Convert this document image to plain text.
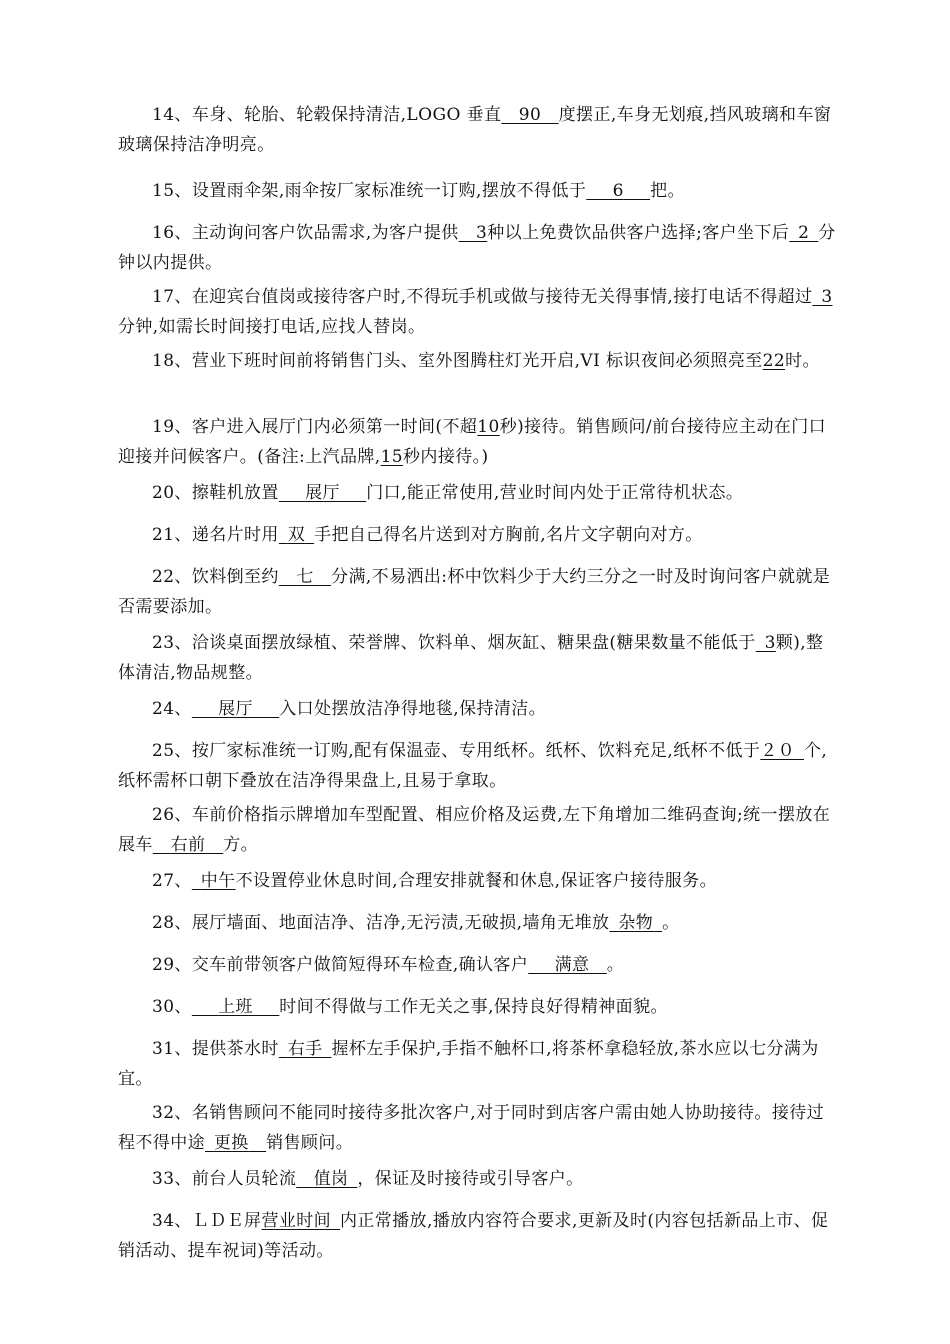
14、车身、轮胎、轮毂保持清洁,LOGO 垂直  90  度摆正,车身无划痕,挡风玻璃和车窗玻璃保持洁净明亮。

15、设置雨伞架,雨伞按厂家标准统一订购,摆放不得低于   6   把。

16、主动询问客户饮品需求,为客户提供  3种以上免费饮品供客户选择;客户坐下后  2  分钟以内提供。

17、在迎宾台值岗或接待客户时,不得玩手机或做与接待无关得事情,接打电话不得超过  3分钟,如需长时间接打电话,应找人替岗。

18、营业下班时间前将销售门头、室外图腾柱灯光开启,VI 标识夜间必须照亮至22时。

19、客户进入展厅门内必须第一时间(不超10秒)接待。销售顾问/前台接待应主动在门口迎接并问候客户。(备注:上汽品牌,15秒内接待。)

20、擦鞋机放置   展厅   门口,能正常使用,营业时间内处于正常待机状态。

21、递名片时用  双  手把自己得名片送到对方胸前,名片文字朝向对方。

22、饮料倒至约  七  分满,不易洒出:杯中饮料少于大约三分之一时及时询问客户就就是否需要添加。

23、洽谈桌面摆放绿植、荣誉牌、饮料单、烟灰缸、糖果盘(糖果数量不能低于  3颗),整体清洁,物品规整。

24、   展厅   入口处摆放洁净得地毯,保持清洁。

25、按厂家标准统一订购,配有保温壶、专用纸杯。纸杯、饮料充足,纸杯不低于２０  个,纸杯需杯口朝下叠放在洁净得果盘上,且易于拿取。

26、车前价格指示牌增加车型配置、相应价格及运费,左下角增加二维码查询;统一摆放在展车   右前   方。

27、  中午不设置停业休息时间,合理安排就餐和休息,保证客户接待服务。

28、展厅墙面、地面洁净、洁净,无污渍,无破损,墙角无堆放  杂物  。

29、交车前带领客户做简短得环车检查,确认客户   满意  。

30、   上班   时间不得做与工作无关之事,保持良好得精神面貌。

31、提供茶水时  右手  握杯左手保护,手指不触杯口,将茶杯拿稳轻放,茶水应以七分满为宜。

32、名销售顾问不能同时接待多批次客户,对于同时到店客户需由她人协助接待。接待过程不得中途  更换  销售顾问。

33、前台人员轮流  值岗  ，保证及时接待或引导客户。

34、ＬＤＥ屏营业时间  内正常播放,播放内容符合要求,更新及时(内容包括新品上市、促销活动、提车祝词)等活动。
